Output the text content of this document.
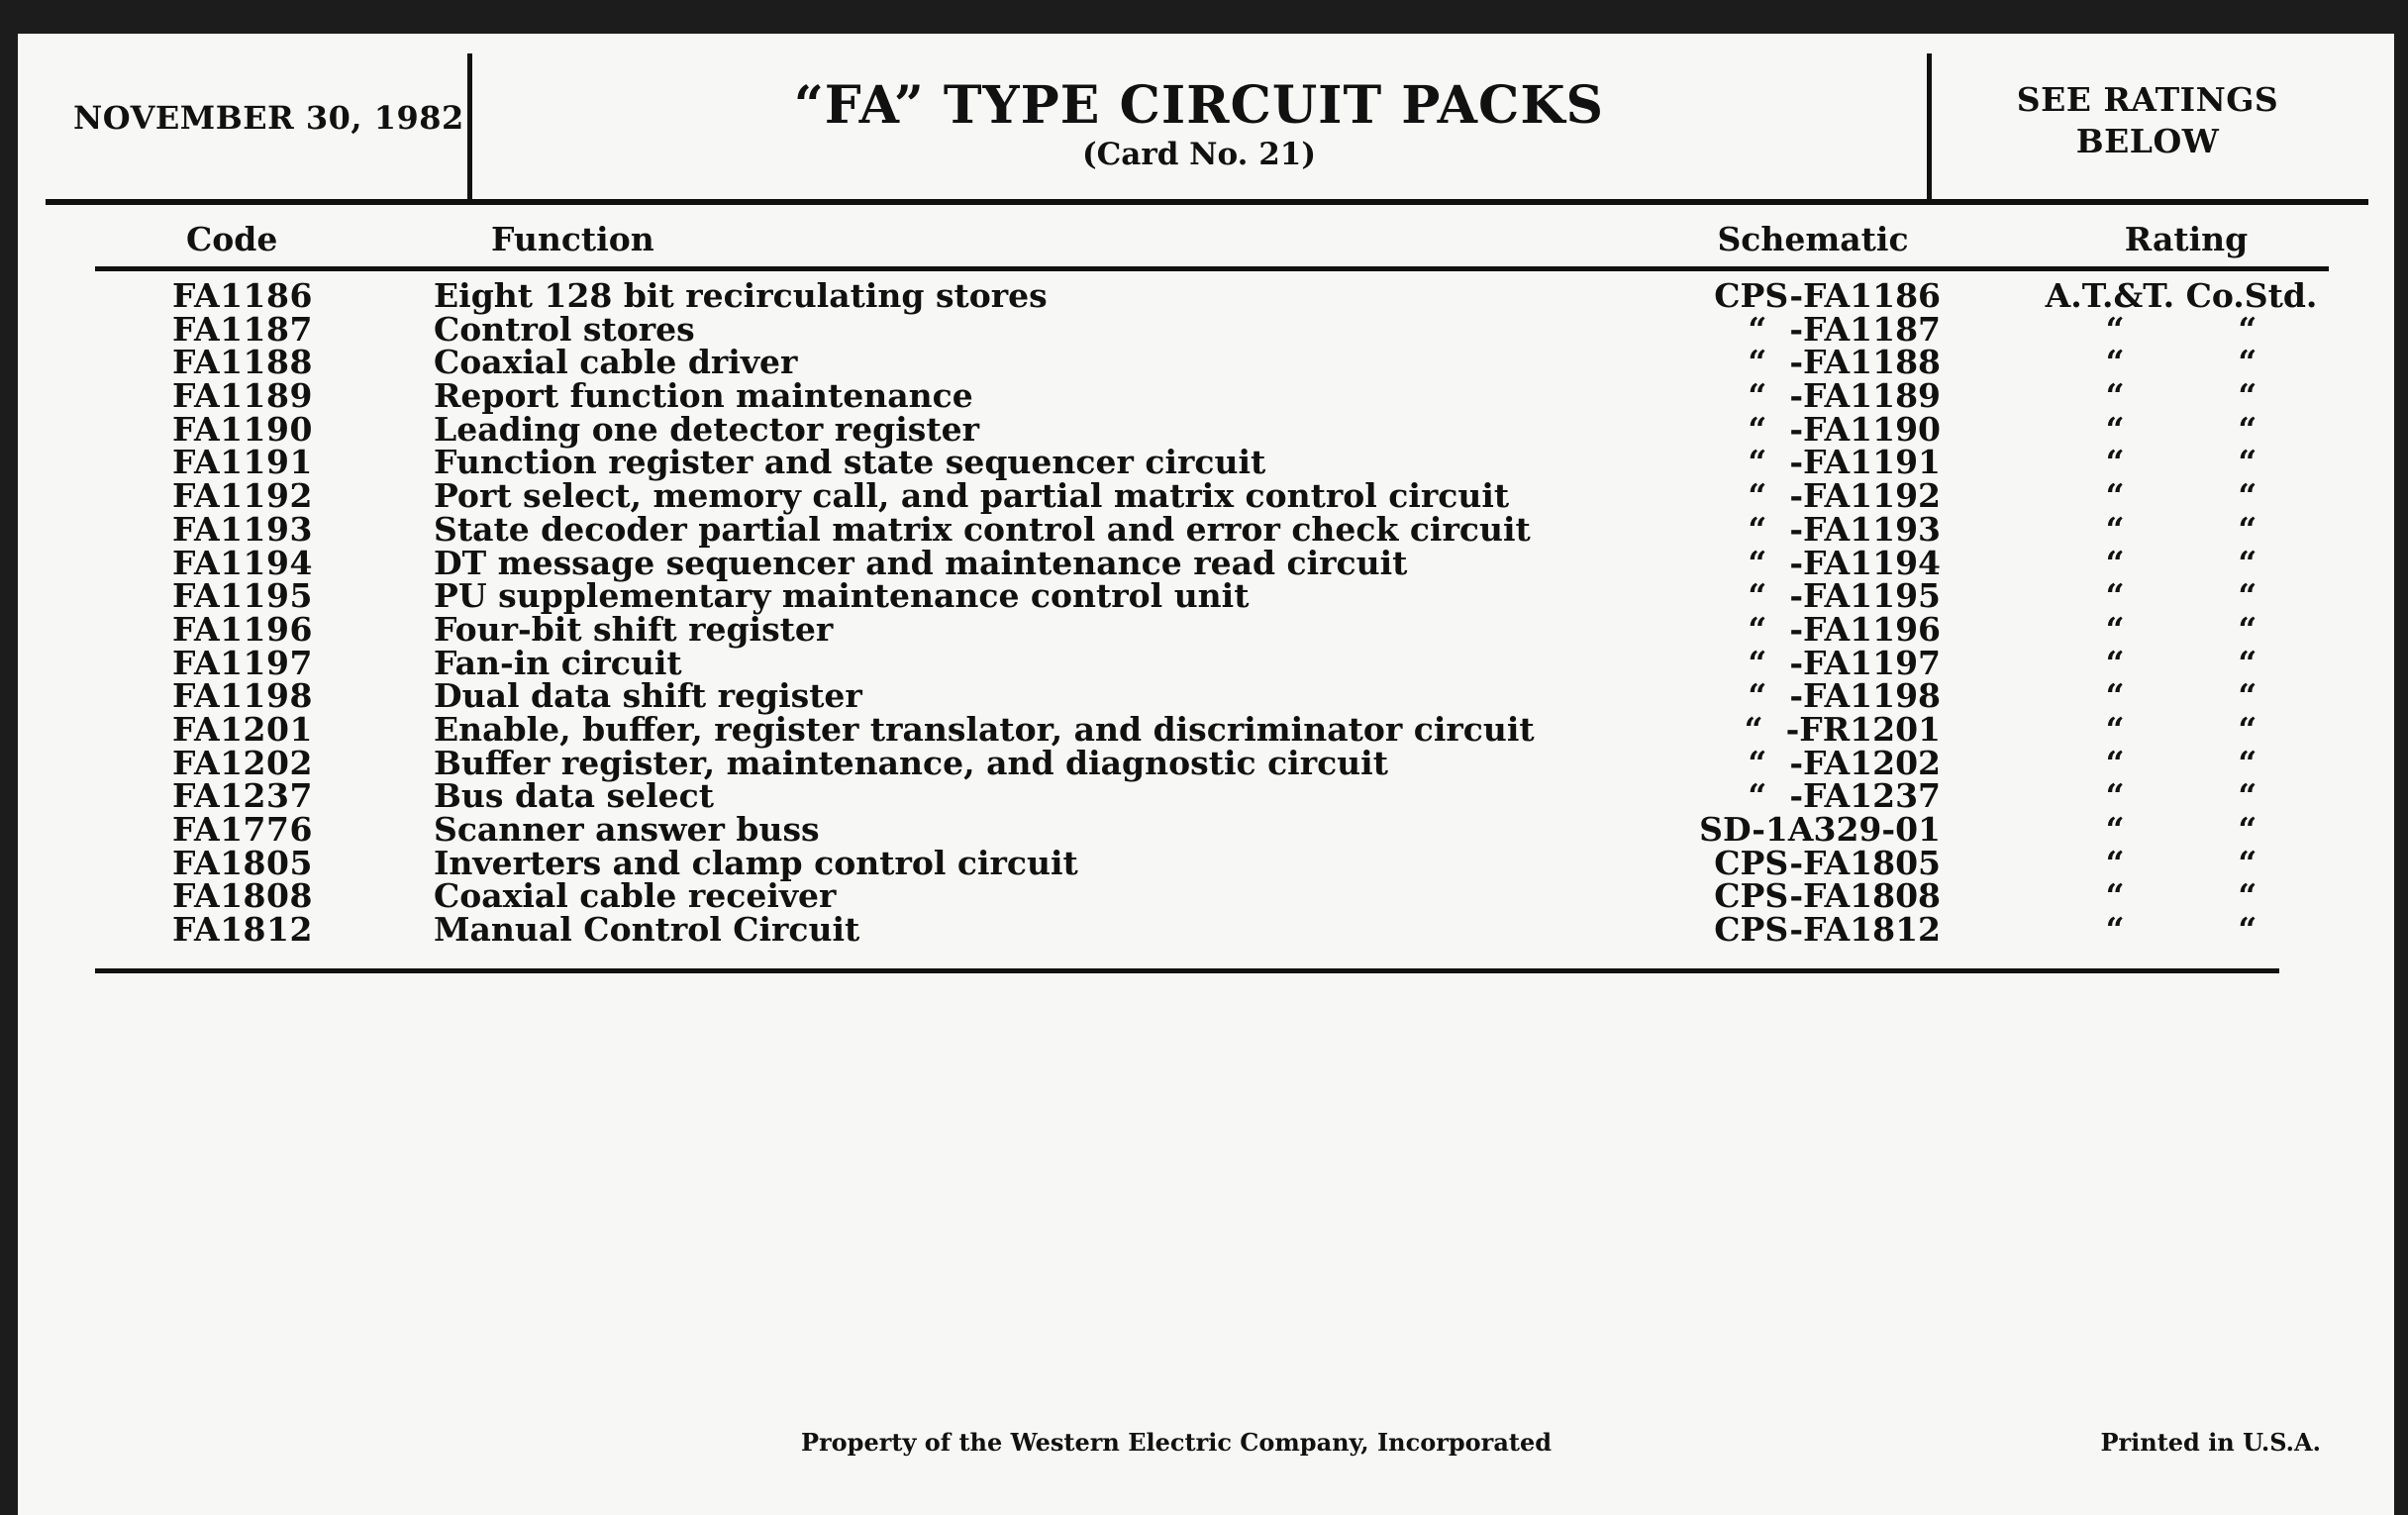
NOVEMBER 30, 1982	“FA” TYPE CIRCUIT PACKS
(Card No. 21)
SEE RATINGS
BELOW
Code	Function	Schematic	Rating
FA1186	Eight 128 bit recirculating stores	CPS-FA1186	A.T.&T. Co.Std.
FA1187	Control stores	“  -FA1187	“          “
FA1188	Coaxial cable driver	“  -FA1188	“          “
FA1189	Report function maintenance	“  -FA1189	“          “
FA1190	Leading one detector register	“  -FA1190	“          “
FA1191	Function register and state sequencer circuit	“  -FA1191	“          “
FA1192	Port select, memory call, and partial matrix control circuit	“  -FA1192	“          “
FA1193	State decoder partial matrix control and error check circuit	“  -FA1193	“          “
FA1194	DT message sequencer and maintenance read circuit	“  -FA1194	“          “
FA1195	PU supplementary maintenance control unit	“  -FA1195	“          “
FA1196	Four-bit shift register	“  -FA1196	“          “
FA1197	Fan-in circuit	“  -FA1197	“          “
FA1198	Dual data shift register	“  -FA1198	“          “
FA1201	Enable, buffer, register translator, and discriminator circuit	“  -FR1201	“          “
FA1202	Buffer register, maintenance, and diagnostic circuit	“  -FA1202	“          “
FA1237	Bus data select	“  -FA1237	“          “
FA1776	Scanner answer buss	SD-1A329-01	“          “
FA1805	Inverters and clamp control circuit	CPS-FA1805	“          “
FA1808	Coaxial cable receiver	CPS-FA1808	“          “
FA1812	Manual Control Circuit	CPS-FA1812	“          “
Property of the Western Electric Company, Incorporated	Printed in U.S.A.
